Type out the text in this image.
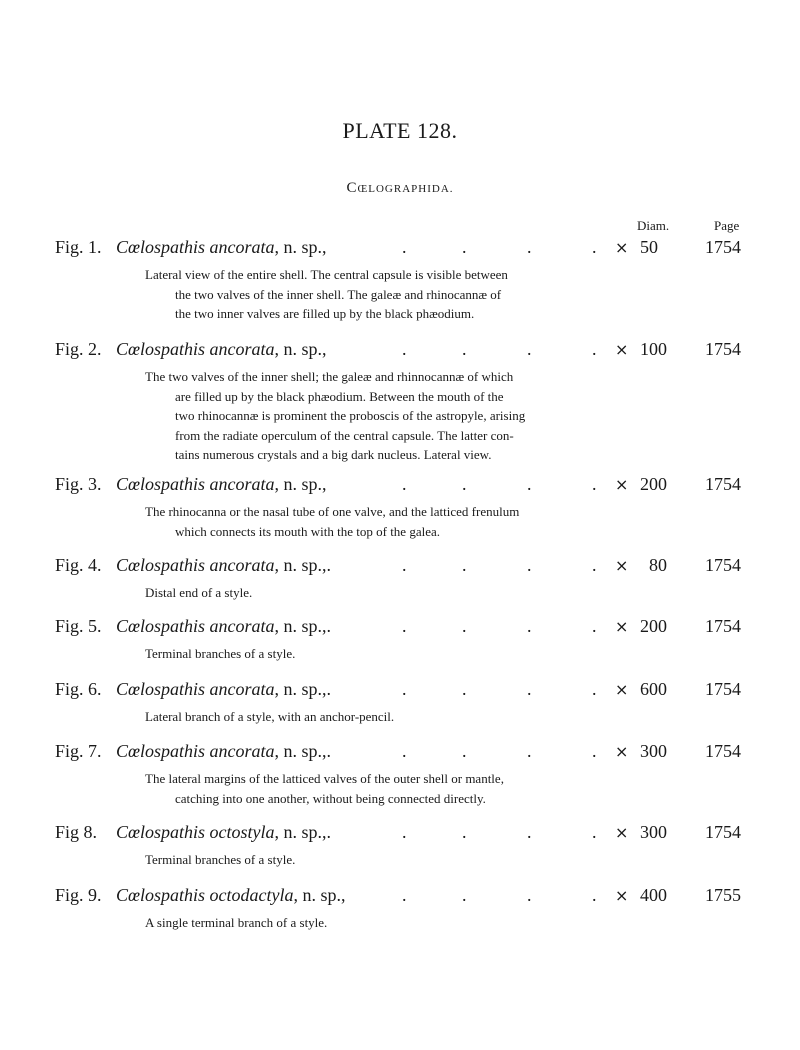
PLATE 128.
CŒLOGRAPHIDA.
Diam.	Page
Fig. 1. Cœlospathis ancorata, n. sp.,	.	.	.	. × 50	1754
Lateral view of the entire shell. The central capsule is visible between
the two valves of the inner shell. The galeæ and rhinocannæ of
the two inner valves are filled up by the black phæodium.
Fig. 2. Cœlospathis ancorata, n. sp.,	.	.	.	. × 100 1754
The two valves of the inner shell; the galeæ and rhinnocannæ of which
are filled up by the black phæodium. Between the mouth of the
two rhinocannæ is prominent the proboscis of the astropyle, arising
from the radiate operculum of the central capsule. The latter con-
tains numerous crystals and a big dark nucleus. Lateral view.
Fig. 3. Cœlospathis ancorata, n. sp.,	.	.	.	. × 200 1754
The rhinocanna or the nasal tube of one valve, and the latticed frenulum
which connects its mouth with the top of the galea.
Fig. 4. Cœlospathis ancorata, n. sp.,.	.	.	.	. × 80 1754
Distal end of a style.
Fig. 5. Cœlospathis ancorata, n. sp.,.	.	.	.	. × 200 1754
Terminal branches of a style.
Fig. 6. Cœlospathis ancorata, n. sp.,.	.	.	.	. × 600 1754
Lateral branch of a style, with an anchor-pencil.
Fig. 7. Cœlospathis ancorata, n. sp.,.	.	.	.	. × 300 1754
The lateral margins of the latticed valves of the outer shell or mantle,
catching into one another, without being connected directly.
Fig 8. Cœlospathis octostyla, n. sp.,.	.	.	.	. × 300 1754
Terminal branches of a style.
Fig. 9. Cœlospathis octodactyla, n. sp.,	.	.	.	. × 400 1755
A single terminal branch of a style.
